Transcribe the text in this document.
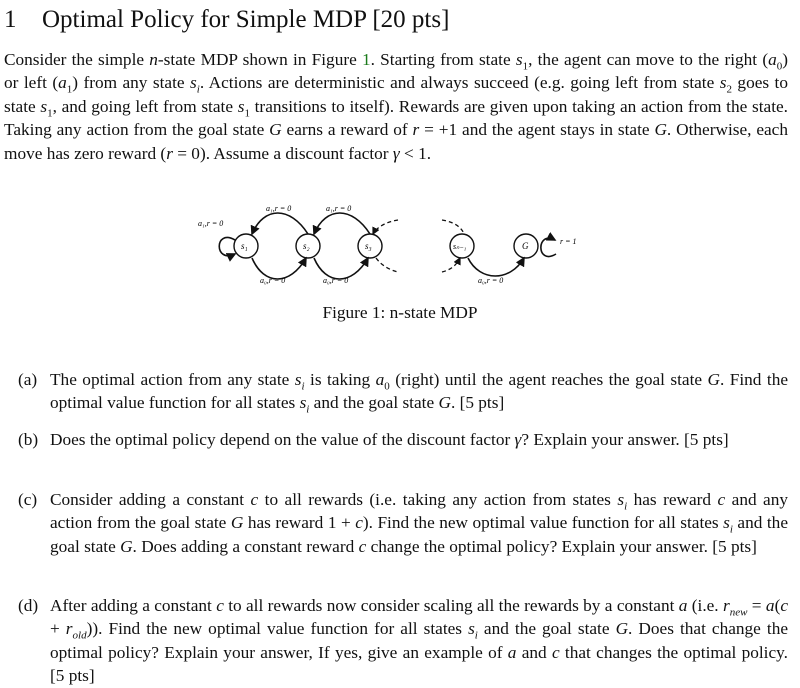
1 Optimal Policy for Simple MDP [20 pts]
Consider the simple n-state MDP shown in Figure 1. Starting from state $s_1$, the agent can move to the right $(a_0)$ or left $(a_1)$ from any state $s_i$. Actions are deterministic and always succeed (e.g. going left from state $s_2$ goes to state $s_1$, and going left from state $s_1$ transitions to itself). Rewards are given upon taking an action from the state. Taking any action from the goal state G earns a reward of r = +1 and the agent stays in state G. Otherwise, each move has zero reward (r = 0). Assume a discount factor γ < 1.
s₁	s₂	s₃	sₙ₋₁	G
a₁,r = 0
a₁,r = 0	a₁,r = 0
a₀,r = 0	a₀,r = 0	a₀,r = 0
r = 1
Figure 1: n-state MDP
(a) The optimal action from any state $s_i$ is taking $a_0$ (right) until the agent reaches the goal state G. Find the optimal value function for all states $s_i$ and the goal state G. [5 pts]
(b) Does the optimal policy depend on the value of the discount factor γ? Explain your answer. [5 pts]
(c) Consider adding a constant c to all rewards (i.e. taking any action from states $s_i$ has reward c and any action from the goal state G has reward 1 + c). Find the new optimal value function for all states $s_i$ and the goal state G. Does adding a constant reward c change the optimal policy? Explain your answer. [5 pts]
(d) After adding a constant c to all rewards now consider scaling all the rewards by a constant a (i.e. $r_{new} = a(c + r_{old})$). Find the new optimal value function for all states $s_i$ and the goal state G. Does that change the optimal policy? Explain your answer, If yes, give an example of a and c that changes the optimal policy. [5 pts]
